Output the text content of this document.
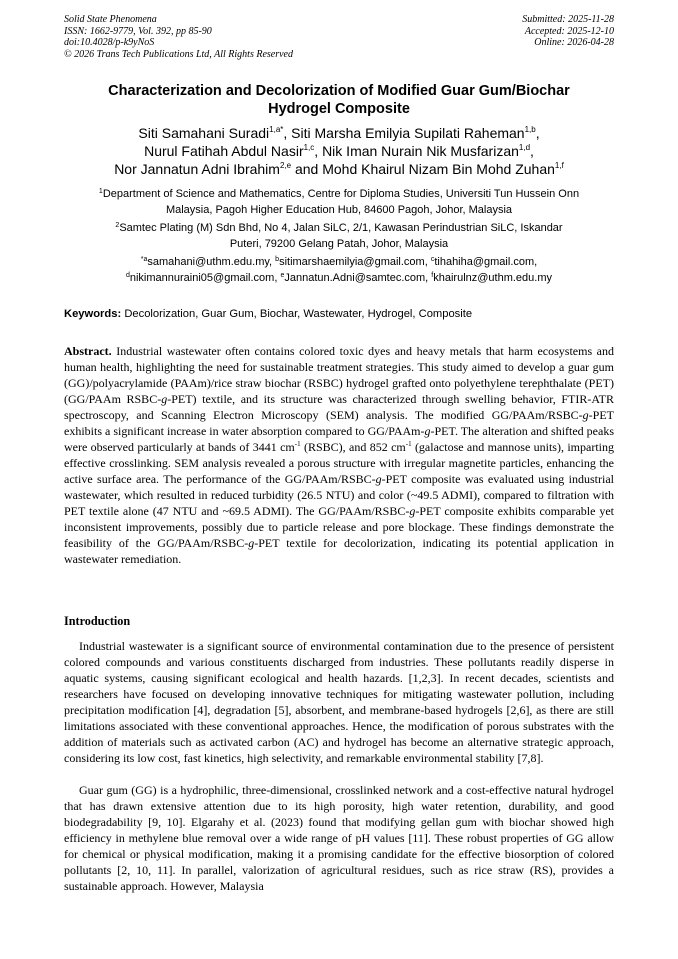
Solid State Phenomena
ISSN: 1662-9779, Vol. 392, pp 85-90
doi:10.4028/p-k9yNoS
© 2026 Trans Tech Publications Ltd, All Rights Reserved
Submitted: 2025-11-28
Accepted: 2025-12-10
Online: 2026-04-28
Characterization and Decolorization of Modified Guar Gum/Biochar
Hydrogel Composite
Siti Samahani Suradi$^{1,a*}$, Siti Marsha Emilyia Supilati Raheman$^{1,b}$,
Nurul Fatihah Abdul Nasir$^{1,c}$, Nik Iman Nurain Nik Musfarizan$^{1,d}$,
Nor Jannatun Adni Ibrahim$^{2,e}$ and Mohd Khairul Nizam Bin Mohd Zuhan$^{1,f}$
$^1$Department of Science and Mathematics, Centre for Diploma Studies, Universiti Tun Hussein Onn
Malaysia, Pagoh Higher Education Hub, 84600 Pagoh, Johor, Malaysia
$^2$Samtec Plating (M) Sdn Bhd, No 4, Jalan SiLC, 2/1, Kawasan Perindustrian SiLC, Iskandar
Puteri, 79200 Gelang Patah, Johor, Malaysia
$^{*a}$samahani@uthm.edu.my, $^b$sitimarshaemilyia@gmail.com, $^c$tihahiha@gmail.com,
$^d$nikimannuraini05@gmail.com, $^e$Jannatun.Adni@samtec.com, $^f$khairulnz@uthm.edu.my
Keywords: Decolorization, Guar Gum, Biochar, Wastewater, Hydrogel, Composite
Abstract. Industrial wastewater often contains colored toxic dyes and heavy metals that harm ecosystems and human health, highlighting the need for sustainable treatment strategies. This study aimed to develop a guar gum (GG)/polyacrylamide (PAAm)/rice straw biochar (RSBC) hydrogel grafted onto polyethylene terephthalate (PET) (GG/PAAm RSBC-g-PET) textile, and its structure was characterized through swelling behavior, FTIR-ATR spectroscopy, and Scanning Electron Microscopy (SEM) analysis. The modified GG/PAAm/RSBC-g-PET exhibits a significant increase in water absorption compared to GG/PAAm-g-PET. The alteration and shifted peaks were observed particularly at bands of 3441 $cm^{-1}$ (RSBC), and 852 $cm^{-1}$ (galactose and mannose units), imparting effective crosslinking. SEM analysis revealed a porous structure with irregular magnetite particles, enhancing the active surface area. The performance of the GG/PAAm/RSBC-g-PET composite was evaluated using industrial wastewater, which resulted in reduced turbidity (26.5 NTU) and color (~49.5 ADMI), compared to filtration with PET textile alone (47 NTU and ~69.5 ADMI). The GG/PAAm/RSBC-g-PET composite exhibits comparable yet inconsistent improvements, possibly due to particle release and pore blockage. These findings demonstrate the feasibility of the GG/PAAm/RSBC-g-PET textile for decolorization, indicating its potential application in wastewater remediation.
Introduction
Industrial wastewater is a significant source of environmental contamination due to the presence of persistent colored compounds and various constituents discharged from industries. These pollutants readily disperse in aquatic systems, causing significant ecological and health hazards. [1,2,3]. In recent decades, scientists and researchers have focused on developing innovative techniques for mitigating wastewater pollution, including precipitation modification [4], degradation [5], absorbent, and membrane-based hydrogels [2,6], as there are still limitations associated with these conventional approaches. Hence, the modification of porous substrates with the addition of materials such as activated carbon (AC) and hydrogel has become an alternative strategic approach, considering its low cost, fast kinetics, high selectivity, and remarkable environmental stability [7,8].
Guar gum (GG) is a hydrophilic, three-dimensional, crosslinked network and a cost-effective natural hydrogel that has drawn extensive attention due to its high porosity, high water retention, durability, and good biodegradability [9, 10]. Elgarahy et al. (2023) found that modifying gellan gum with biochar showed high efficiency in methylene blue removal over a wide range of pH values [11]. These robust properties of GG allow for chemical or physical modification, making it a promising candidate for the effective biosorption of colored pollutants [2, 10, 11]. In parallel, valorization of agricultural residues, such as rice straw (RS), provides a sustainable approach. However, Malaysia
